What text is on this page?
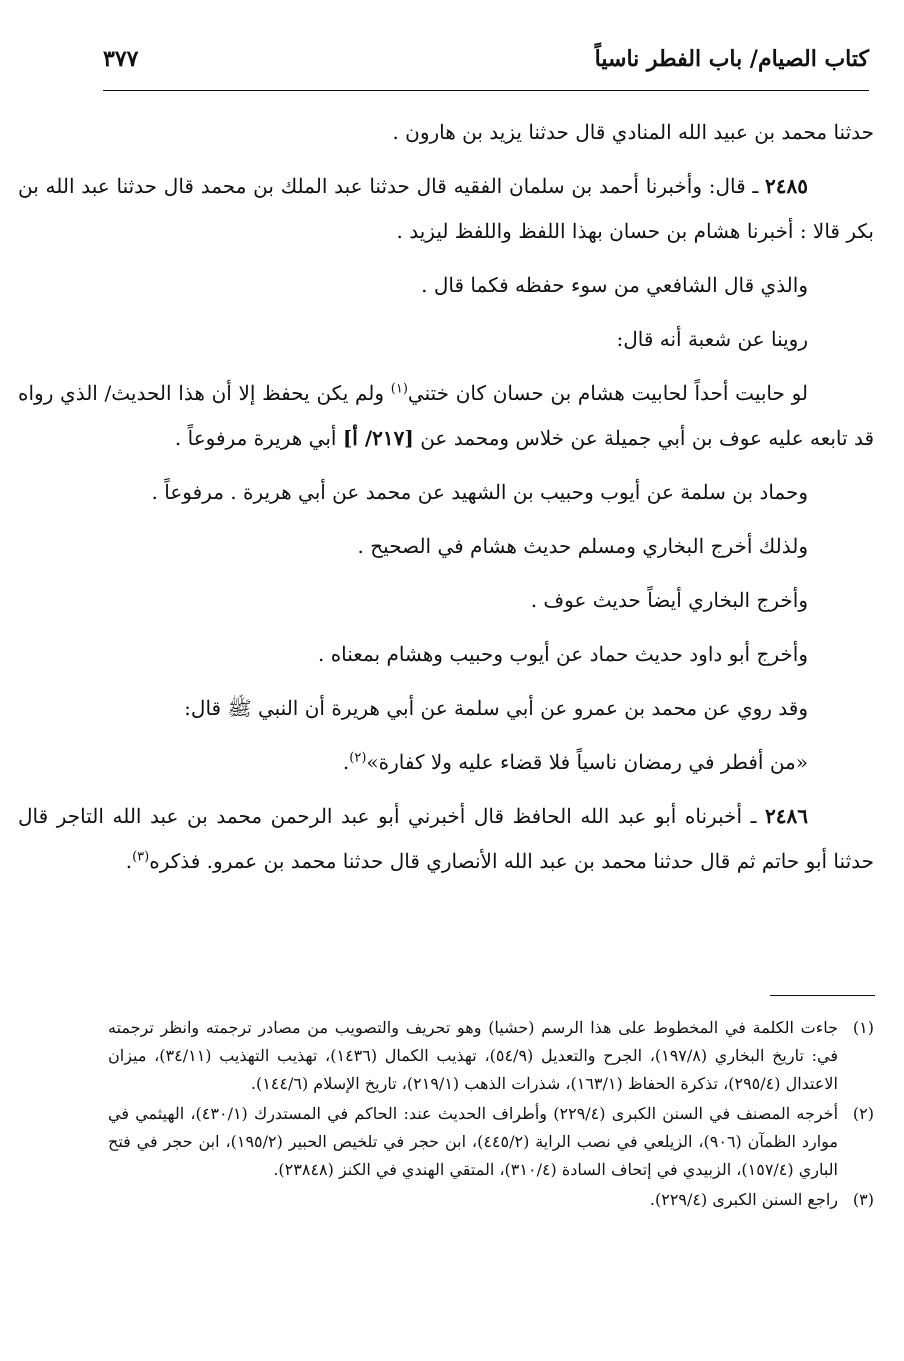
كتاب الصيام/ باب الفطر ناسياً
٣٧٧

حدثنا محمد بن عبيد الله المنادي قال حدثنا يزيد بن هارون .

٢٤٨٥ ـ قال: وأخبرنا أحمد بن سلمان الفقيه قال حدثنا عبد الملك بن محمد قال حدثنا عبد الله بن بكر قالا : أخبرنا هشام بن حسان بهذا اللفظ واللفظ ليزيد .

والذي قال الشافعي من سوء حفظه فكما قال .

روينا عن شعبة أنه قال:

لو حابيت أحداً لحابيت هشام بن حسان كان ختني$^{(١)}$ ولم يكن يحفظ إلا أن هذا الحديث/ الذي رواه قد تابعه عليه عوف بن أبي جميلة عن خلاس ومحمد عن [٢١٧/ أ] أبي هريرة مرفوعاً .

وحماد بن سلمة عن أيوب وحبيب بن الشهيد عن محمد عن أبي هريرة . مرفوعاً .

ولذلك أخرج البخاري ومسلم حديث هشام في الصحيح .

وأخرج البخاري أيضاً حديث عوف .

وأخرج أبو داود حديث حماد عن أيوب وحبيب وهشام بمعناه .

وقد روي عن محمد بن عمرو عن أبي سلمة عن أبي هريرة أن النبي ﷺ قال:

«من أفطر في رمضان ناسياً فلا قضاء عليه ولا كفارة»$^{(٢)}$.

٢٤٨٦ ـ أخبرناه أبو عبد الله الحافظ قال أخبرني أبو عبد الرحمن محمد بن عبد الله التاجر قال حدثنا أبو حاتم ثم قال حدثنا محمد بن عبد الله الأنصاري قال حدثنا محمد بن عمرو. فذكره$^{(٣)}$.

(١)
جاءت الكلمة في المخطوط على هذا الرسم (حشيا) وهو تحريف والتصويب من مصادر ترجمته وانظر ترجمته في: تاريخ البخاري (١٩٧/٨)، الجرح والتعديل (٥٤/٩)، تهذيب الكمال (١٤٣٦)، تهذيب التهذيب (٣٤/١١)، ميزان الاعتدال (٢٩٥/٤)، تذكرة الحفاظ (١٦٣/١)، شذرات الذهب (٢١٩/١)، تاريخ الإسلام (١٤٤/٦).
(٢)
أخرجه المصنف في السنن الكبرى (٢٢٩/٤) وأطراف الحديث عند: الحاكم في المستدرك (٤٣٠/١)، الهيثمي في موارد الظمآن (٩٠٦)، الزيلعي في نصب الراية (٤٤٥/٢)، ابن حجر في تلخيص الحبير (١٩٥/٢)، ابن حجر في فتح الباري (١٥٧/٤)، الزبيدي في إتحاف السادة (٣١٠/٤)، المتقي الهندي في الكنز (٢٣٨٤٨).
(٣)
راجع السنن الكبرى (٢٢٩/٤).
